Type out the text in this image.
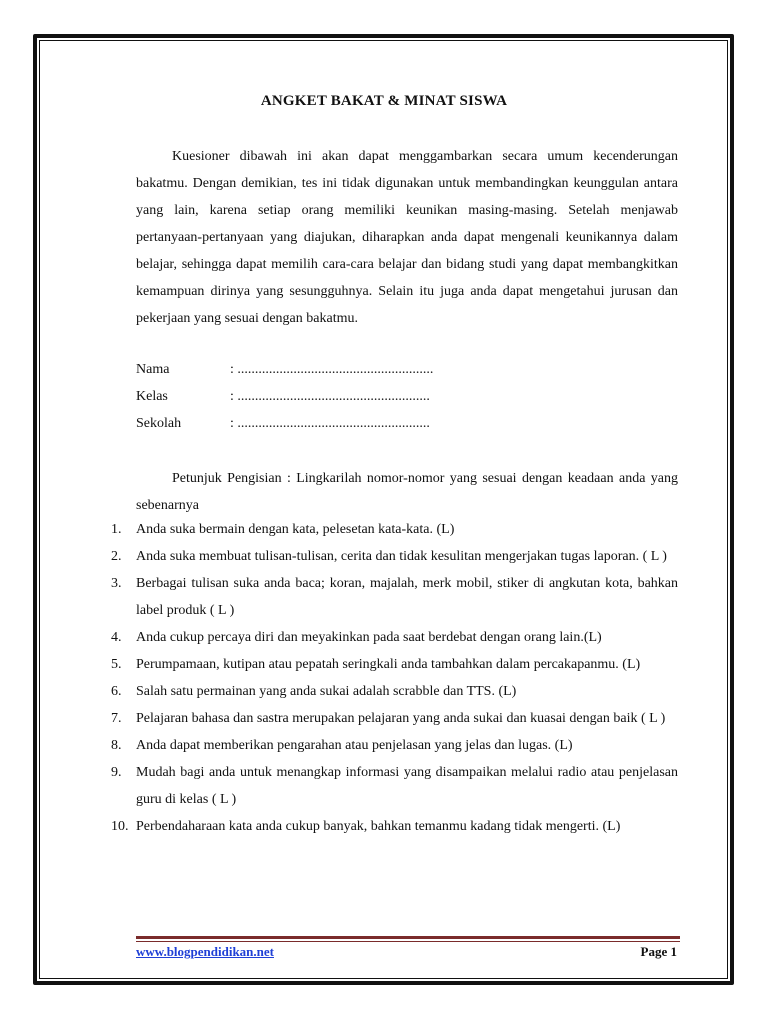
ANGKET BAKAT & MINAT SISWA

Kuesioner dibawah ini akan dapat menggambarkan secara umum kecenderungan bakatmu. Dengan demikian, tes ini tidak digunakan untuk membandingkan keunggulan antara yang lain, karena setiap orang memiliki keunikan masing-masing. Setelah menjawab pertanyaan-pertanyaan yang diajukan, diharapkan anda dapat mengenali keunikannya dalam belajar, sehingga dapat memilih cara-cara belajar dan bidang studi yang dapat membangkitkan kemampuan dirinya yang sesungguhnya. Selain itu juga anda dapat mengetahui jurusan dan pekerjaan yang sesuai dengan bakatmu.

Nama	: ........................................................
Kelas	: .......................................................
Sekolah	: .......................................................

Petunjuk Pengisian : Lingkarilah nomor-nomor yang sesuai dengan keadaan anda yang sebenarnya

1.	Anda suka bermain dengan kata, pelesetan kata-kata. (L)
2.	Anda suka membuat tulisan-tulisan, cerita dan tidak kesulitan mengerjakan tugas laporan. ( L )
3.	Berbagai tulisan suka anda baca; koran, majalah, merk mobil, stiker di angkutan kota, bahkan label produk ( L )
4.	Anda cukup percaya diri dan meyakinkan pada saat berdebat dengan orang lain.(L)
5.	Perumpamaan, kutipan atau pepatah seringkali anda tambahkan dalam percakapanmu. (L)
6.	Salah satu permainan yang anda sukai adalah scrabble dan TTS. (L)
7.	Pelajaran bahasa dan sastra merupakan pelajaran yang anda sukai dan kuasai dengan baik ( L )
8.	Anda dapat memberikan pengarahan atau penjelasan yang jelas dan lugas. (L)
9.	Mudah bagi anda untuk menangkap informasi yang disampaikan melalui radio atau penjelasan guru di kelas ( L )
10. Perbendaharaan kata anda cukup banyak, bahkan temanmu kadang tidak mengerti. (L)
www.blogpendidikan.net	Page 1
